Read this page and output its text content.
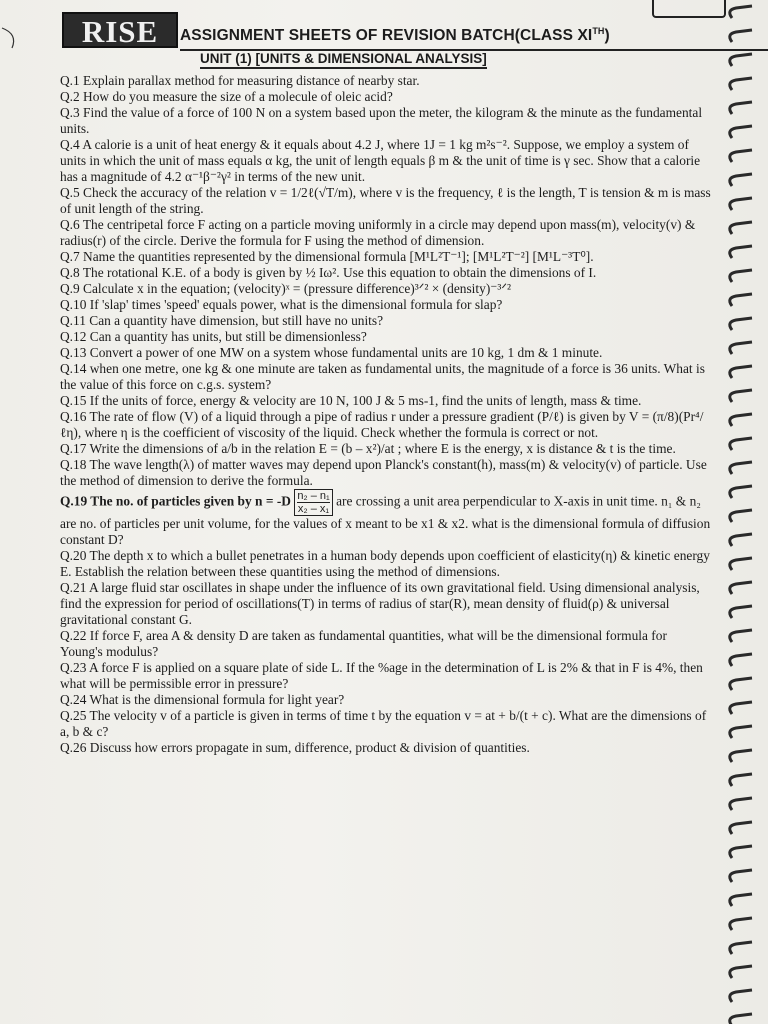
RISE	ASSIGNMENT SHEETS OF REVISION BATCH(CLASS XITH)
UNIT (1) [UNITS & DIMENSIONAL ANALYSIS]

Q.1 Explain parallax method for measuring distance of nearby star.

Q.2 How do you measure the size of a molecule of oleic acid?

Q.3 Find the value of a force of 100 N on a system based upon the meter, the kilogram & the minute as the fundamental units.

Q.4 A calorie is a unit of heat energy & it equals about 4.2 J, where 1J = 1 kg m²s⁻². Suppose, we employ a system of units in which the unit of mass equals α kg, the unit of length equals β m & the unit of time is γ sec. Show that a calorie has a magnitude of 4.2 α⁻¹β⁻²γ² in terms of the new unit.

Q.5 Check the accuracy of the relation v = 1/2ℓ(√T/m), where v is the frequency, ℓ is the length, T is tension & m is mass of unit length of the string.

Q.6 The centripetal force F acting on a particle moving uniformly in a circle may depend upon mass(m), velocity(v) & radius(r) of the circle. Derive the formula for F using the method of dimension.

Q.7 Name the quantities represented by the dimensional formula [M¹L²T⁻¹]; [M¹L²T⁻²] [M¹L⁻³T⁰].

Q.8 The rotational K.E. of a body is given by ½ Iω². Use this equation to obtain the dimensions of I.

Q.9 Calculate x in the equation; (velocity)ˣ = (pressure difference)³ᐟ² × (density)⁻³ᐟ²

Q.10 If 'slap' times 'speed' equals power, what is the dimensional formula for slap?

Q.11 Can a quantity have dimension, but still have no units?

Q.12 Can a quantity has units, but still be dimensionless?

Q.13 Convert a power of one MW on a system whose fundamental units are 10 kg, 1 dm & 1 minute.

Q.14 when one metre, one kg & one minute are taken as fundamental units, the magnitude of a force is 36 units. What is the value of this force on c.g.s. system?

Q.15 If the units of force, energy & velocity are 10 N, 100 J & 5 ms-1, find the units of length, mass & time.

Q.16 The rate of flow (V) of a liquid through a pipe of radius r under a pressure gradient (P/ℓ) is given by V = (π/8)(Pr⁴/ℓη), where η is the coefficient of viscosity of the liquid. Check whether the formula is correct or not.

Q.17 Write the dimensions of a/b in the relation E = (b – x²)/at ; where E is the energy, x is distance & t is the time.

Q.18 The wave length(λ) of matter waves may depend upon Planck's constant(h), mass(m) & velocity(v) of particle. Use the method of dimension to derive the formula.

Q.19 The no. of particles given by $n = -D \frac{\text{n₂ – n₁}}{\text{x₂ – x₁}}$ are crossing a unit area perpendicular to X-axis in unit time. n₁ & n₂ are no. of particles per unit volume, for the values of x meant to be x1 & x2. what is the dimensional formula of diffusion constant D?

Q.20 The depth x to which a bullet penetrates in a human body depends upon coefficient of elasticity(η) & kinetic energy E. Establish the relation between these quantities using the method of dimensions.

Q.21 A large fluid star oscillates in shape under the influence of its own gravitational field. Using dimensional analysis, find the expression for period of oscillations(T) in terms of radius of star(R), mean density of fluid(ρ) & universal gravitational constant G.

Q.22 If force F, area A & density D are taken as fundamental quantities, what will be the dimensional formula for Young's modulus?

Q.23 A force F is applied on a square plate of side L. If the %age in the determination of L is 2% & that in F is 4%, then what will be permissible error in pressure?

Q.24 What is the dimensional formula for light year?

Q.25 The velocity v of a particle is given in terms of time t by the equation v = at + b/(t + c). What are the dimensions of a, b & c?

Q.26 Discuss how errors propagate in sum, difference, product & division of quantities.
